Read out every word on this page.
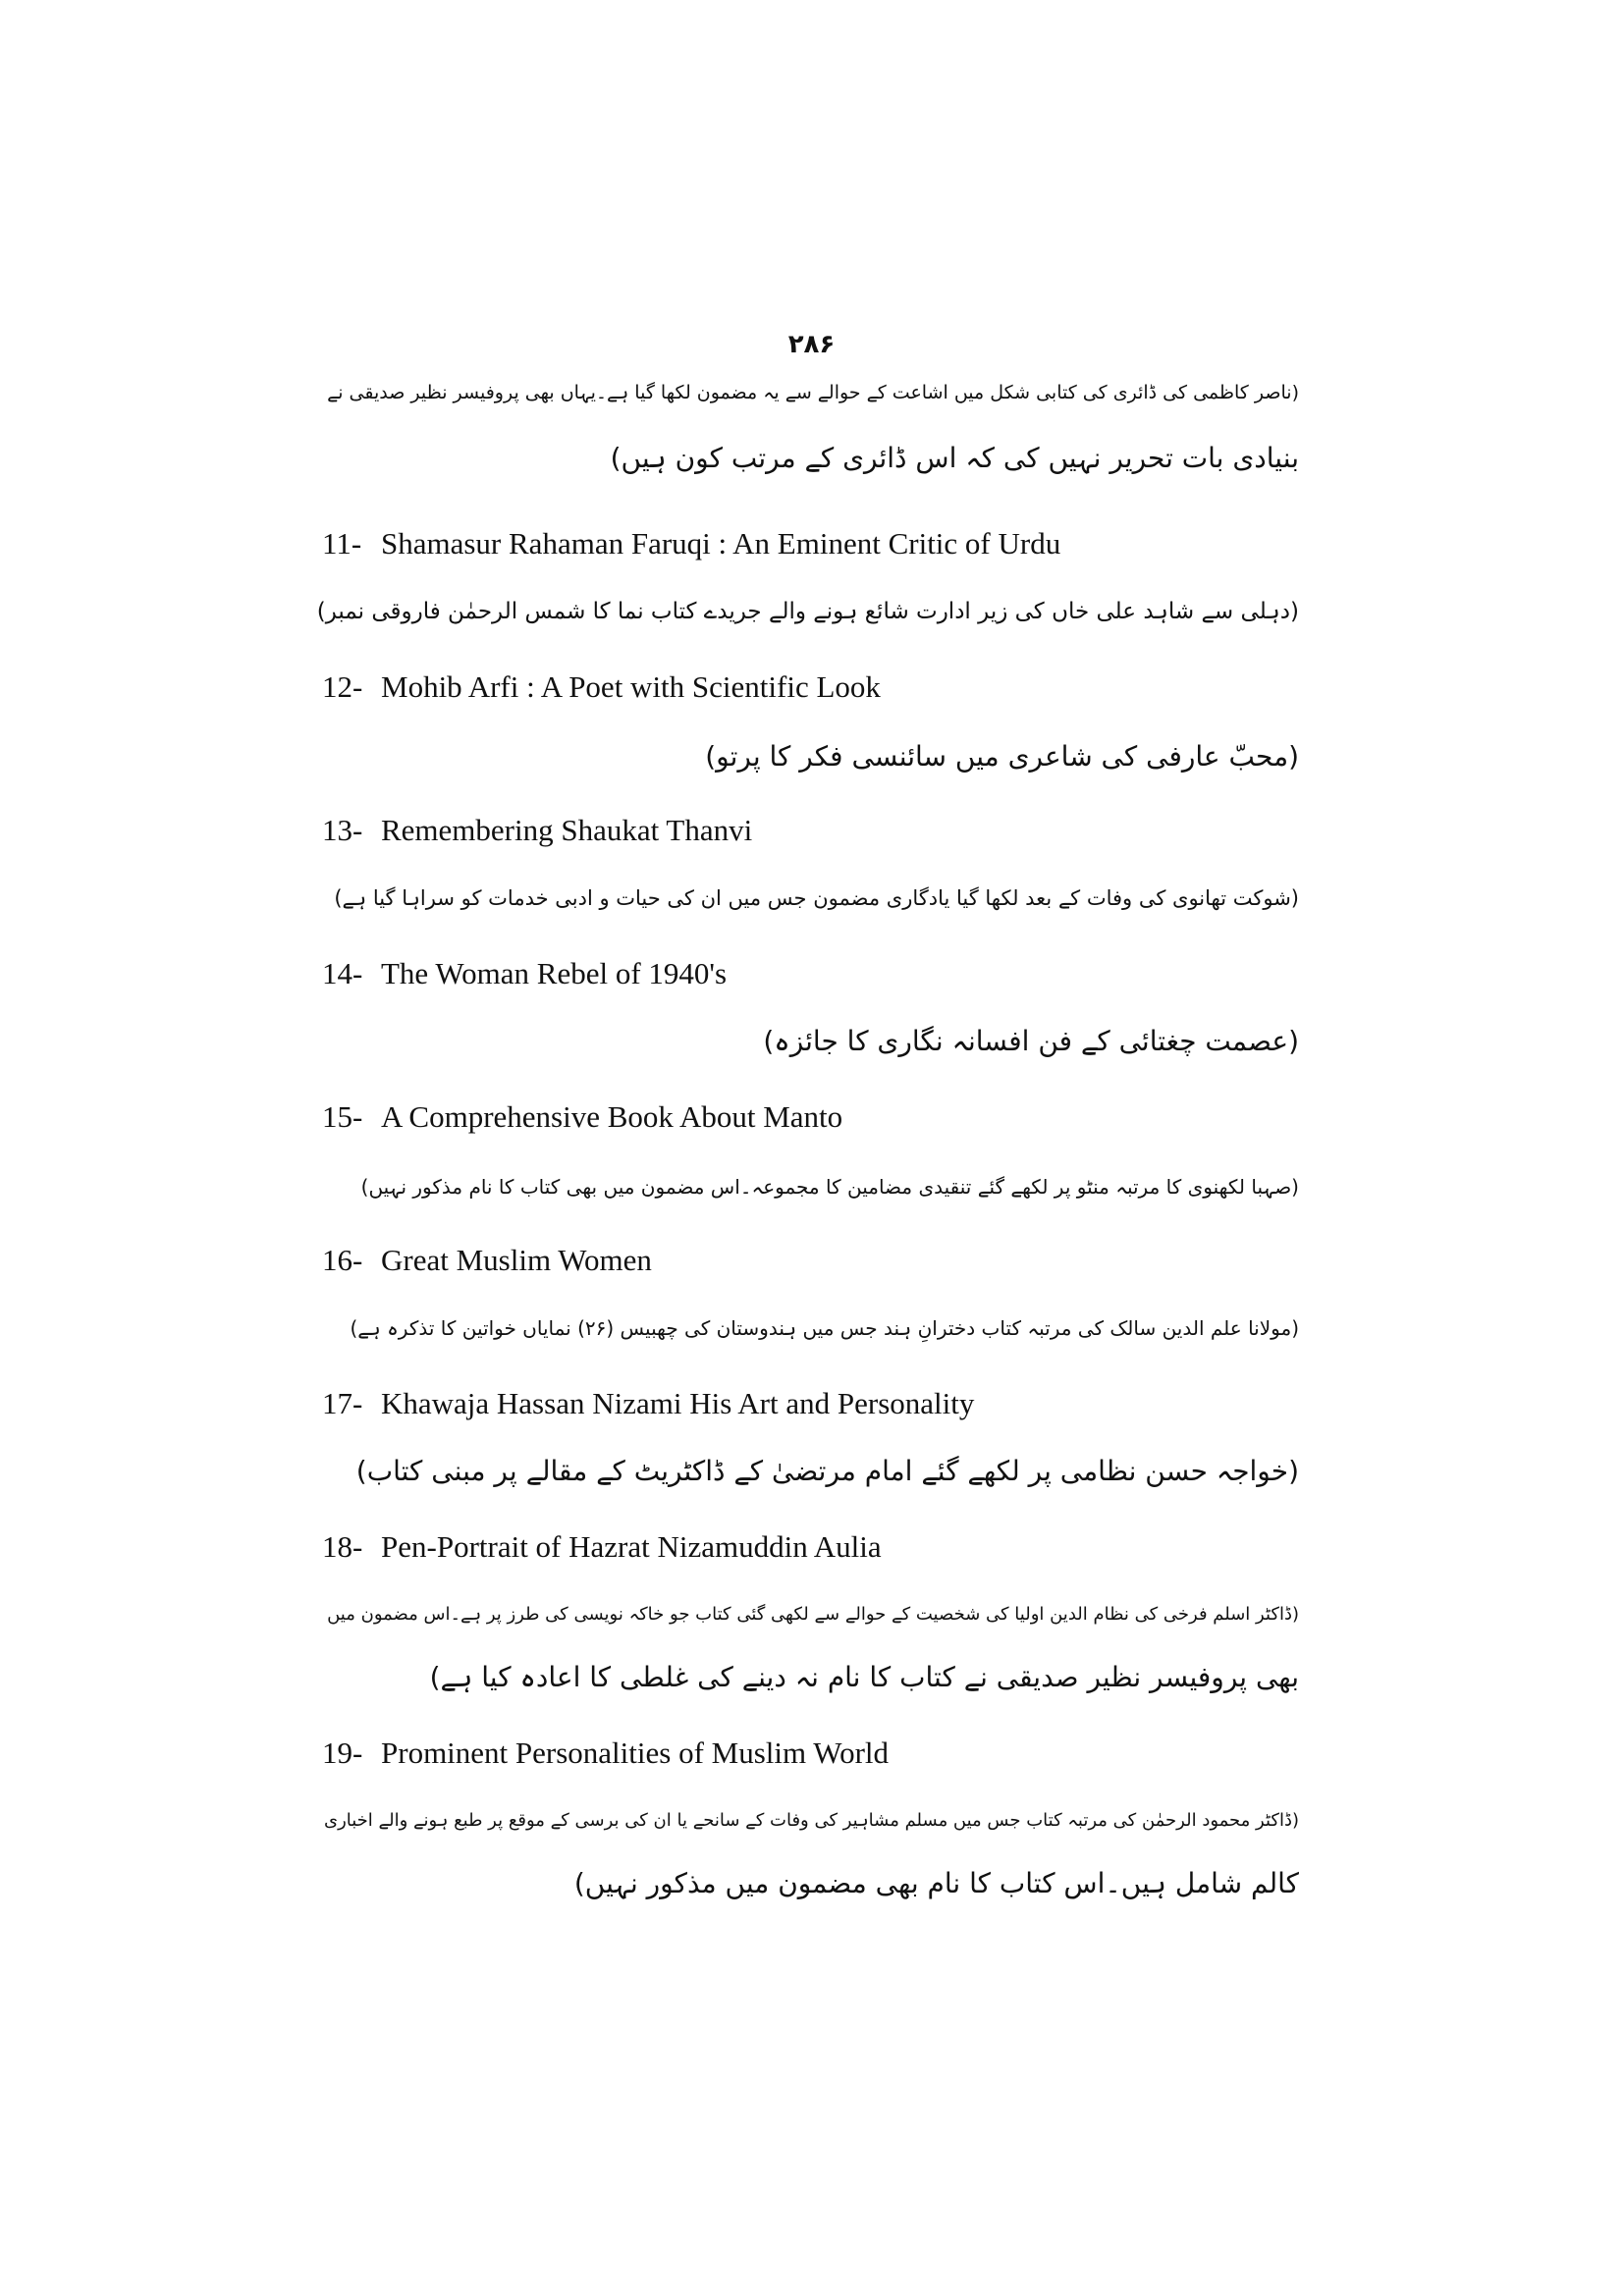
۲۸۶
(ناصر کاظمی کی ڈائری کی کتابی شکل میں اشاعت کے حوالے سے یہ مضمون لکھا گیا ہے۔یہاں بھی پروفیسر نظیر صدیقی نے
بنیادی بات تحریر نہیں کی کہ اس ڈائری کے مرتب کون ہیں)
11- Shamasur Rahaman Faruqi : An Eminent Critic of Urdu
(دہلی سے شاہد علی خاں کی زیر ادارت شائع ہونے والے جریدے کتاب نما کا شمس الرحمٰن فاروقی نمبر)
12- Mohib Arfi : A Poet with Scientific Look
(محبّ عارفی کی شاعری میں سائنسی فکر کا پرتو)
13- Remembering Shaukat Thanvi
(شوکت تھانوی کی وفات کے بعد لکھا گیا یادگاری مضمون جس میں ان کی حیات و ادبی خدمات کو سراہا گیا ہے)
14- The Woman Rebel of 1940's
(عصمت چغتائی کے فن افسانہ نگاری کا جائزہ)
15- A Comprehensive Book About Manto
(صہبا لکھنوی کا مرتبہ منٹو پر لکھے گئے تنقیدی مضامین کا مجموعہ۔اس مضمون میں بھی کتاب کا نام مذکور نہیں)
16- Great Muslim Women
(مولانا علم الدین سالک کی مرتبہ کتاب دخترانِ ہند جس میں ہندوستان کی چھبیس (۲۶) نمایاں خواتین کا تذکرہ ہے)
17- Khawaja Hassan Nizami His Art and Personality
(خواجہ حسن نظامی پر لکھے گئے امام مرتضیٰ کے ڈاکٹریٹ کے مقالے پر مبنی کتاب)
18- Pen-Portrait of Hazrat Nizamuddin Aulia
(ڈاکٹر اسلم فرخی کی نظام الدین اولیا کی شخصیت کے حوالے سے لکھی گئی کتاب جو خاکہ نویسی کی طرز پر ہے۔اس مضمون میں
بھی پروفیسر نظیر صدیقی نے کتاب کا نام نہ دینے کی غلطی کا اعادہ کیا ہے)
19- Prominent Personalities of Muslim World
(ڈاکٹر محمود الرحمٰن کی مرتبہ کتاب جس میں مسلم مشاہیر کی وفات کے سانحے یا ان کی برسی کے موقع پر طبع ہونے والے اخباری
کالم شامل ہیں۔اس کتاب کا نام بھی مضمون میں مذکور نہیں)
